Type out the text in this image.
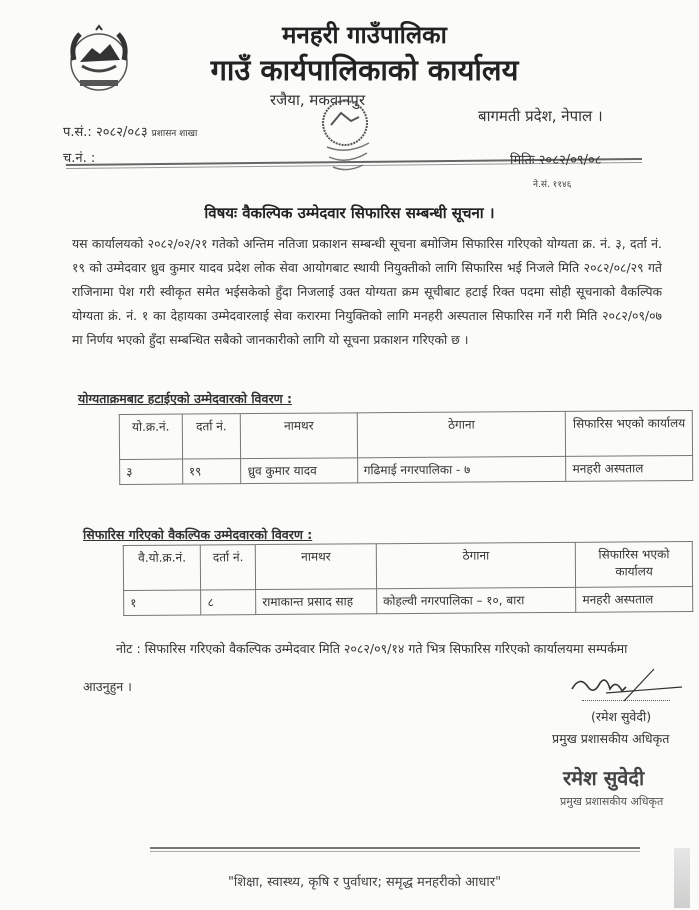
मनहरी गाउँपालिका
गाउँ कार्यपालिकाको कार्यालय
रजैया, मकवानपुर
बागमती प्रदेश, नेपाल ।
प.सं.: २०८२/०८३ प्रशासन शाखा
च.नं. :	मितिः २०८२/०९/०८
ने.सं. ११४६
विषयः वैकल्पिक उम्मेदवार सिफारिस सम्बन्धी सूचना ।
यस कार्यालयको २०८२/०२/२१ गतेको अन्तिम नतिजा प्रकाशन सम्बन्धी सूचना बमोजिम सिफारिस गरिएको योग्यता क्र. नं. ३, दर्ता नं. १९ को उम्मेदवार ध्रुव कुमार यादव प्रदेश लोक सेवा आयोगबाट स्थायी नियुक्तीको लागि सिफारिस भई निजले मिति २०८२/०८/२९ गते राजिनामा पेश गरी स्वीकृत समेत भईसकेको हुँदा निजलाई उक्त योग्यता क्रम सूचीबाट हटाई रिक्त पदमा सोही सूचनाको वैकल्पिक योग्यता क्रं. नं. १ का देहायका उम्मेदवारलाई सेवा करारमा नियुक्तिको लागि मनहरी अस्पताल सिफारिस गर्ने गरी मिति २०८२/०९/०७ मा निर्णय भएको हुँदा सम्बन्धित सबैको जानकारीको लागि यो सूचना प्रकाशन गरिएको छ ।
योग्यताक्रमबाट हटाईएको उम्मेदवारको विवरण :
यो.क्र.नं.	दर्ता नं.	नामथर	ठेगाना	सिफारिस भएको कार्यालय
३	१९	ध्रुव कुमार यादव	गढिमाई नगरपालिका - ७	मनहरी अस्पताल
सिफारिस गरिएको वैकल्पिक उम्मेदवारको विवरण :
वै.यो.क्र.नं.	दर्ता नं.	नामथर	ठेगाना	सिफारिस भएको कार्यालय
१	८	रामाकान्त प्रसाद साह	कोहल्वी नगरपालिका – १०, बारा	मनहरी अस्पताल
नोट : सिफारिस गरिएको वैकल्पिक उम्मेदवार मिति २०८२/०९/१४ गते भित्र सिफारिस गरिएको कार्यालयमा सम्पर्कमा
आउनुहुन ।
(रमेश सुवेदी)
प्रमुख प्रशासकीय अधिकृत
रमेश सुवेदी
प्रमुख प्रशासकीय अधिकृत
"शिक्षा, स्वास्थ्य, कृषि र पुर्वाधार; समृद्ध मनहरीको आधार"
